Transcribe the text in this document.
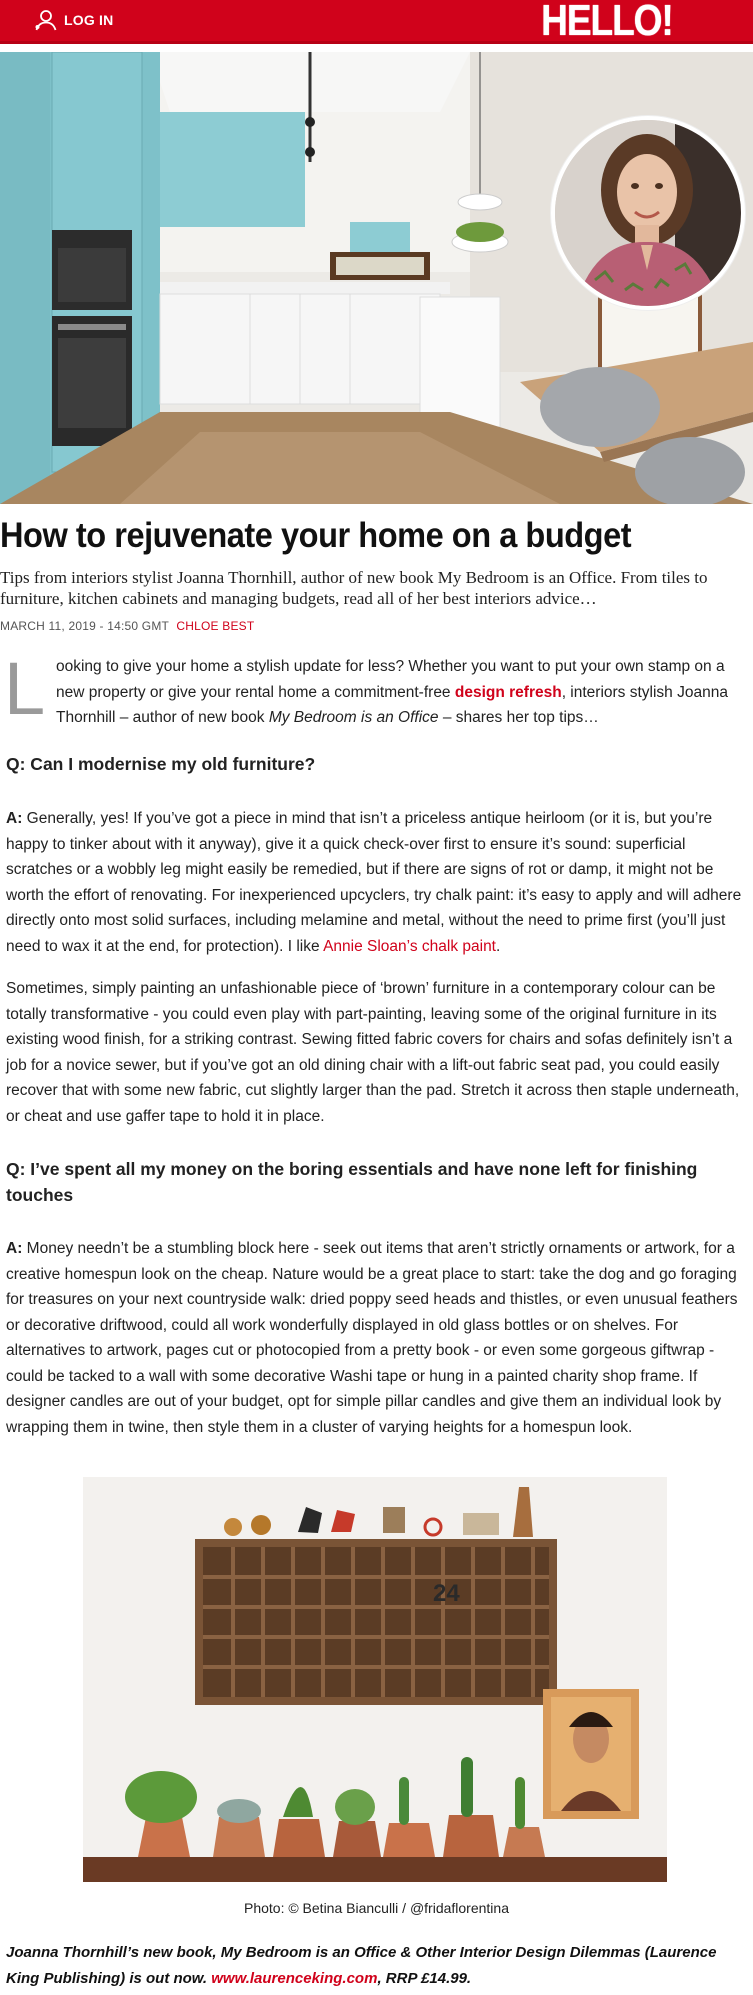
LOG IN	HELLO!
How to rejuvenate your home on a budget

Tips from interiors stylist Joanna Thornhill, author of new book My Bedroom is an Office. From tiles to furniture, kitchen cabinets and managing budgets, read all of her best interiors advice…

MARCH 11, 2019 - 14:50 GMT CHLOE BEST
L ooking to give your home a stylish update for less? Whether you want to put your own stamp on a new property or give your rental home a commitment-free design refresh, interiors stylish Joanna Thornhill – author of new book My Bedroom is an Office – shares her top tips…

Q: Can I modernise my old furniture?

A: Generally, yes! If you’ve got a piece in mind that isn’t a priceless antique heirloom (or it is, but you’re happy to tinker about with it anyway), give it a quick check-over first to ensure it’s sound: superficial scratches or a wobbly leg might easily be remedied, but if there are signs of rot or damp, it might not be worth the effort of renovating. For inexperienced upcyclers, try chalk paint: it’s easy to apply and will adhere directly onto most solid surfaces, including melamine and metal, without the need to prime first (you’ll just need to wax it at the end, for protection). I like Annie Sloan’s chalk paint.

Sometimes, simply painting an unfashionable piece of ‘brown’ furniture in a contemporary colour can be totally transformative - you could even play with part-painting, leaving some of the original furniture in its existing wood finish, for a striking contrast. Sewing fitted fabric covers for chairs and sofas definitely isn’t a job for a novice sewer, but if you’ve got an old dining chair with a lift-out fabric seat pad, you could easily recover that with some new fabric, cut slightly larger than the pad. Stretch it across then staple underneath, or cheat and use gaffer tape to hold it in place.

Q: I’ve spent all my money on the boring essentials and have none left for finishing touches

A: Money needn’t be a stumbling block here - seek out items that aren’t strictly ornaments or artwork, for a creative homespun look on the cheap. Nature would be a great place to start: take the dog and go foraging for treasures on your next countryside walk: dried poppy seed heads and thistles, or even unusual feathers or decorative driftwood, could all work wonderfully displayed in old glass bottles or on shelves. For alternatives to artwork, pages cut or photocopied from a pretty book - or even some gorgeous giftwrap - could be tacked to a wall with some decorative Washi tape or hung in a painted charity shop frame. If designer candles are out of your budget, opt for simple pillar candles and give them an individual look by wrapping them in twine, then style them in a cluster of varying heights for a homespun look.

24
Photo: © Betina Bianculli / @fridaflorentina

Joanna Thornhill’s new book, My Bedroom is an Office & Other Interior Design Dilemmas (Laurence King Publishing) is out now. www.laurenceking.com, RRP £14.99.
